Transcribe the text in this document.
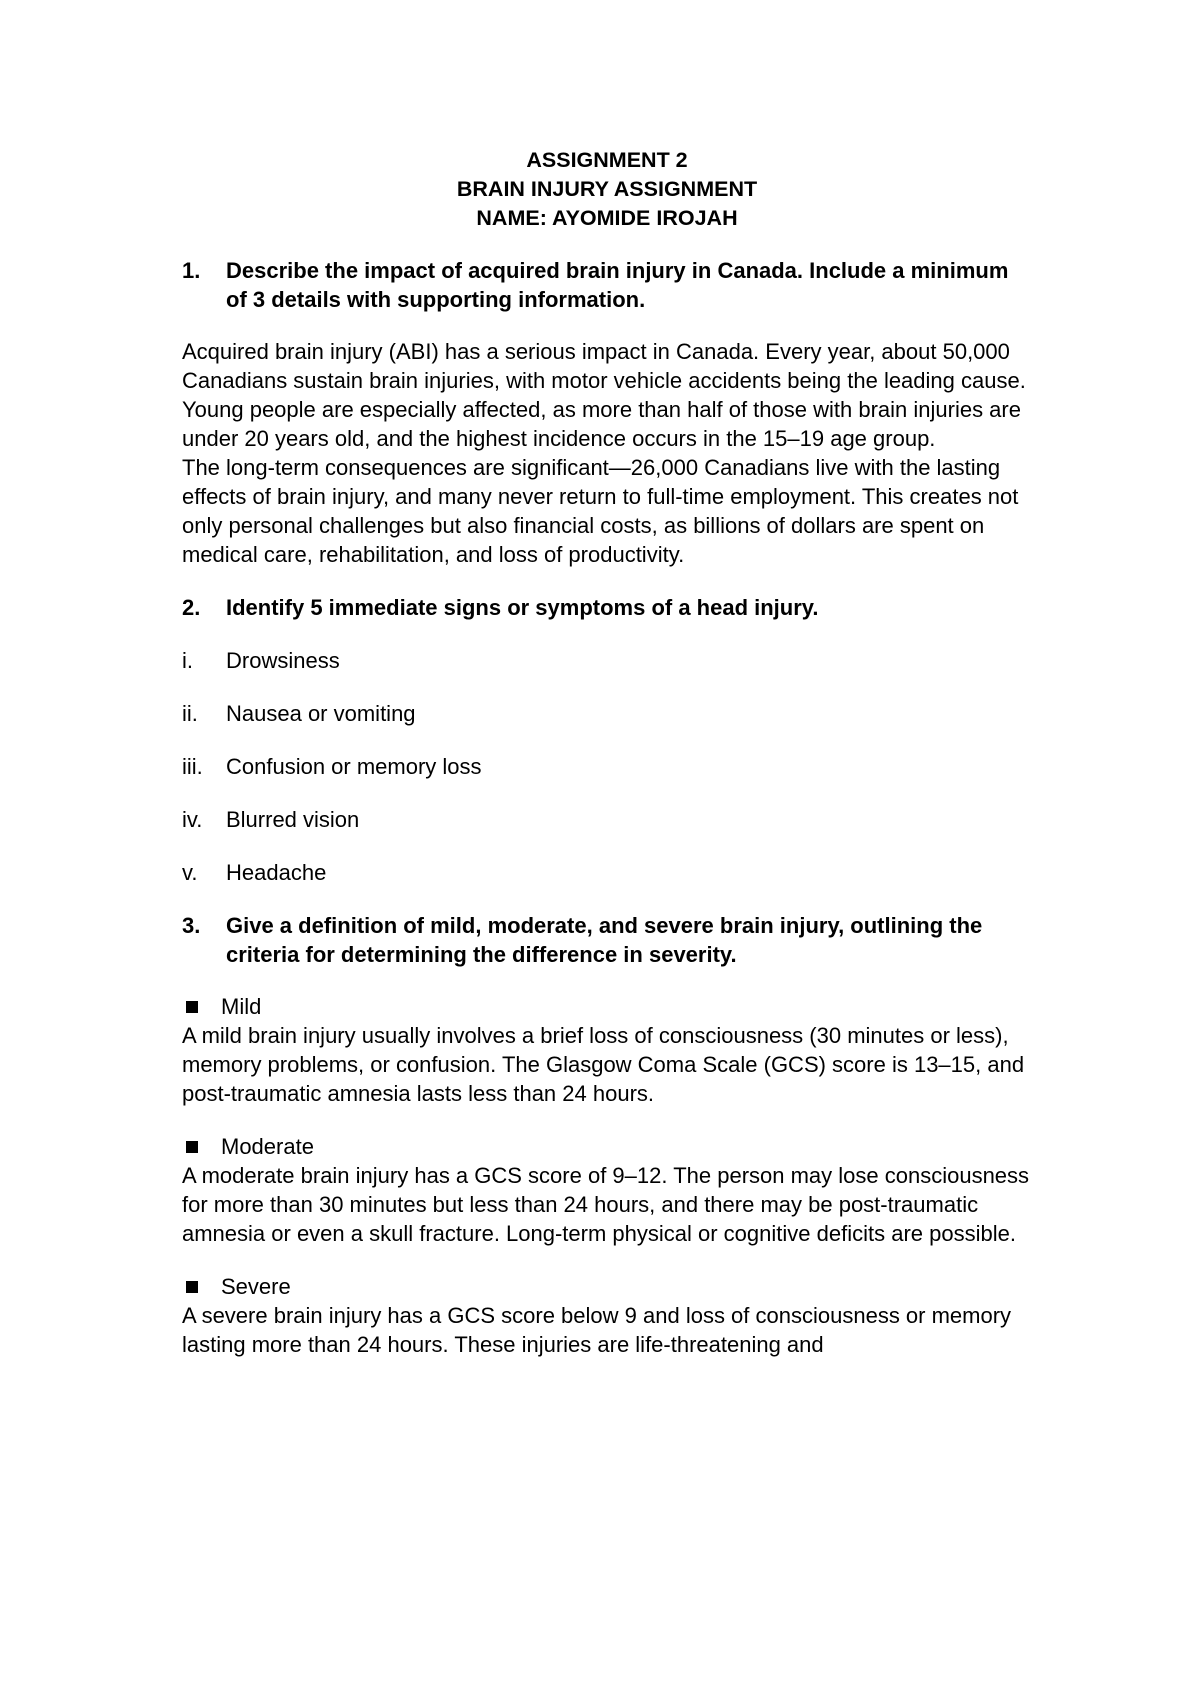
ASSIGNMENT 2
BRAIN INJURY ASSIGNMENT
NAME: AYOMIDE IROJAH
1.	Describe the impact of acquired brain injury in Canada. Include a minimum of 3 details with supporting information.

Acquired brain injury (ABI) has a serious impact in Canada. Every year, about 50,000 Canadians sustain brain injuries, with motor vehicle accidents being the leading cause.

Young people are especially affected, as more than half of those with brain injuries are under 20 years old, and the highest incidence occurs in the 15–19 age group.

The long-term consequences are significant—26,000 Canadians live with the lasting effects of brain injury, and many never return to full-time employment. This creates not only personal challenges but also financial costs, as billions of dollars are spent on medical care, rehabilitation, and loss of productivity.

2.	Identify 5 immediate signs or symptoms of a head injury.
i.	Drowsiness
ii.	Nausea or vomiting
iii.	Confusion or memory loss
iv.	Blurred vision
v.	Headache
3.	Give a definition of mild, moderate, and severe brain injury, outlining the criteria for determining the difference in severity.
Mild

A mild brain injury usually involves a brief loss of consciousness (30 minutes or less), memory problems, or confusion. The Glasgow Coma Scale (GCS) score is 13–15, and post-traumatic amnesia lasts less than 24 hours.

Moderate

A moderate brain injury has a GCS score of 9–12. The person may lose consciousness for more than 30 minutes but less than 24 hours, and there may be post-traumatic amnesia or even a skull fracture. Long-term physical or cognitive deficits are possible.

Severe

A severe brain injury has a GCS score below 9 and loss of consciousness or memory lasting more than 24 hours. These injuries are life-threatening and
